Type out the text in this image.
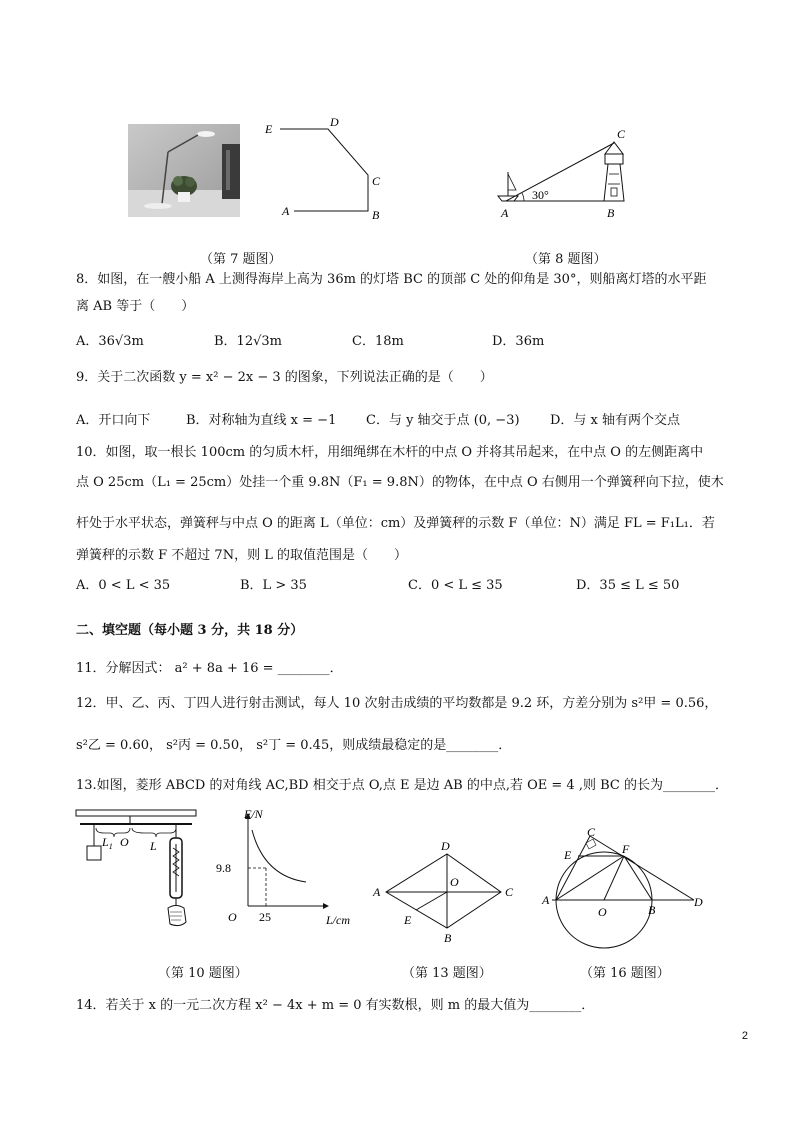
E	D
C
A	B
（第 7 题图）
C
A	B
30°
（第 8 题图）
8．如图，在一艘小船 A 上测得海岸上高为 36m 的灯塔 BC 的顶部 C 处的仰角是 30°，则船离灯塔的水平距
离 AB 等于（　　）
A．36√3m	B．12√3m	C．18m	D．36m
9．关于二次函数 y = x² − 2x − 3 的图象，下列说法正确的是（　　）
A．开口向下	B．对称轴为直线 x = −1 C．与 y 轴交于点 (0, −3) D．与 x 轴有两个交点
10．如图，取一根长 100cm 的匀质木杆，用细绳绑在木杆的中点 O 并将其吊起来，在中点 O 的左侧距离中
点 O 25cm（L₁ = 25cm）处挂一个重 9.8N（F₁ = 9.8N）的物体，在中点 O 右侧用一个弹簧秤向下拉，使木
杆处于水平状态，弹簧秤与中点 O 的距离 L（单位：cm）及弹簧秤的示数 F（单位：N）满足 FL = F₁L₁．若
弹簧秤的示数 F 不超过 7N，则 L 的取值范围是（　　）
A．0 < L < 35	B．L > 35	C．0 < L ≤ 35	D．35 ≤ L ≤ 50
二、填空题（每小题 3 分，共 18 分）
11．分解因式： a² + 8a + 16 = ________．
12．甲、乙、丙、丁四人进行射击测试，每人 10 次射击成绩的平均数都是 9.2 环，方差分别为 s²甲 = 0.56，
s²乙 = 0.60， s²丙 = 0.50， s²丁 = 0.45，则成绩最稳定的是________．
13.如图，菱形 ABCD 的对角线 AC,BD 相交于点 O,点 E 是边 AB 的中点,若 OE = 4 ,则 BC 的长为________．
$L_1$ O L
F/N
L/cm
9.8
25
O
（第 10 题图）
D
A
O
C
E
B
（第 13 题图）
C
E	F
A
O	B
D
（第 16 题图）
14．若关于 x 的一元二次方程 x² − 4x + m = 0 有实数根，则 m 的最大值为________．
2
